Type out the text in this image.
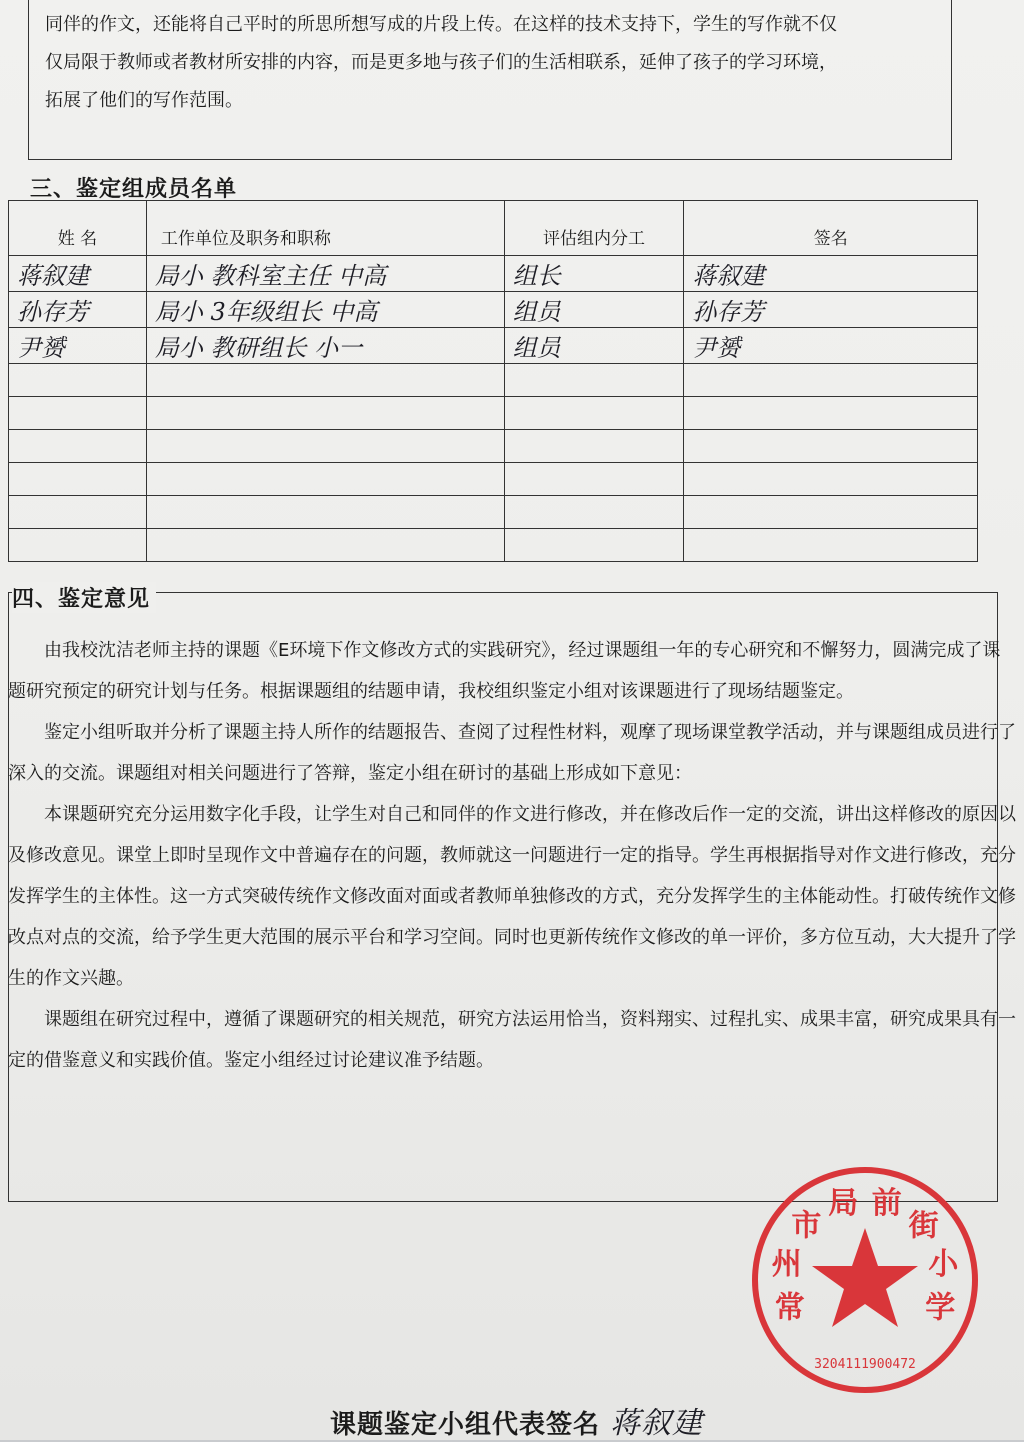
同伴的作文，还能将自己平时的所思所想写成的片段上传。在这样的技术支持下，学生的写作就不仅

仅局限于教师或者教材所安排的内容，而是更多地与孩子们的生活相联系，延伸了孩子的学习环境，

拓展了他们的写作范围。

三、鉴定组成员名单
姓 名	工作单位及职务和职称	评估组内分工	签名
蒋叙建	局小 教科室主任 中高	组长	蒋叙建
孙存芳	局小 3年级组长 中高	组员	孙存芳
尹赟	局小 教研组长 小一	组员	尹赟

四、鉴定意见

由我校沈洁老师主持的课题《E环境下作文修改方式的实践研究》，经过课题组一年的专心研究和不懈努力，圆满完成了课题研究预定的研究计划与任务。根据课题组的结题申请，我校组织鉴定小组对该课题进行了现场结题鉴定。

鉴定小组听取并分析了课题主持人所作的结题报告、查阅了过程性材料，观摩了现场课堂教学活动，并与课题组成员进行了深入的交流。课题组对相关问题进行了答辩，鉴定小组在研讨的基础上形成如下意见：

本课题研究充分运用数字化手段，让学生对自己和同伴的作文进行修改，并在修改后作一定的交流，讲出这样修改的原因以及修改意见。课堂上即时呈现作文中普遍存在的问题，教师就这一问题进行一定的指导。学生再根据指导对作文进行修改，充分发挥学生的主体性。这一方式突破传统作文修改面对面或者教师单独修改的方式，充分发挥学生的主体能动性。打破传统作文修改点对点的交流，给予学生更大范围的展示平台和学习空间。同时也更新传统作文修改的单一评价，多方位互动，大大提升了学生的作文兴趣。

课题组在研究过程中，遵循了课题研究的相关规范，研究方法运用恰当，资料翔实、过程扎实、成果丰富，研究成果具有一定的借鉴意义和实践价值。鉴定小组经过讨论建议准予结题。

常州市局 前街小学
3204111900472
课题鉴定小组代表签名 蒋叙建
